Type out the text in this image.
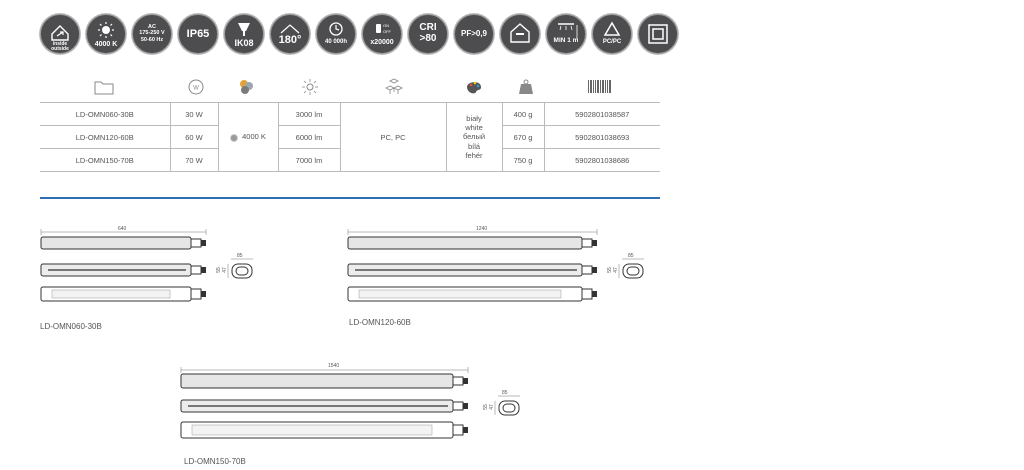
inside
outside
4000 K
AC
175-250 V
50-60 Hz	IP65
IK08	180°	40 000h
ON
OFF
x20000
CRI
>80	PF>0,9
MIN 1 m	PC/PC
W
LD-OMN060-30B	30 W	4000 K	3000 lm	PC, PC	biały
white
белый
bílá
fehér	400 g	5902801038587
LD-OMN120-60B	60 W		6000 lm			670 g	5902801038693
LD-OMN150-70B	70 W		7000 lm			750 g	5902801038686
640
85
47
55
LD-OMN060-30B
1240
85
47
55
LD-OMN120-60B
1540
85
47
55
LD-OMN150-70B
